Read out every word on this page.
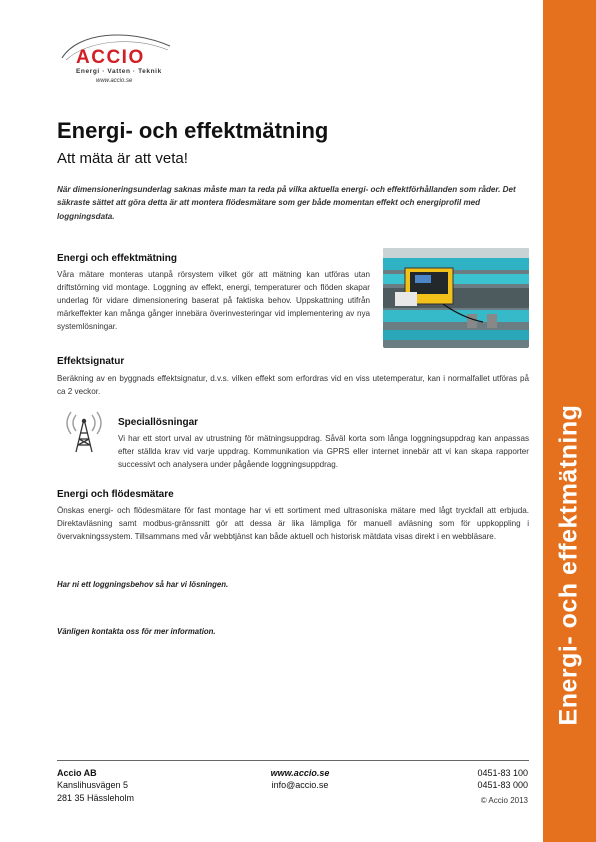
Energi- och effektmätning
ACCIO
Energi · Vatten · Teknik
www.accio.se
Energi- och effektmätning
Att mäta är att veta!
När dimensioneringsunderlag saknas måste man ta reda på vilka aktuella energi- och effektförhållanden som råder. Det säkraste sättet att göra detta är att montera flödesmätare som ger både momentan effekt och energiprofil med loggningsdata.
Energi och effektmätning
Våra mätare monteras utanpå rörsystem vilket gör att mätning kan utföras utan driftstörning vid montage. Loggning av effekt, energi, temperaturer och flöden skapar underlag för vidare dimensionering baserat på faktiska behov. Uppskattning utifrån märkeffekter kan många gånger innebära överinvesteringar vid implementering av nya systemlösningar.
Effektsignatur
Beräkning av en byggnads effektsignatur, d.v.s. vilken effekt som erfordras vid en viss utetemperatur, kan i normalfallet utföras på ca 2 veckor.
Speciallösningar
Vi har ett stort urval av utrustning för mätningsuppdrag. Såväl korta som långa loggningsuppdrag kan anpassas efter ställda krav vid varje uppdrag. Kommunikation via GPRS eller internet innebär att vi kan skapa rapporter successivt och analysera under pågående loggningsuppdrag.
Energi och flödesmätare
Önskas energi- och flödesmätare för fast montage har vi ett sortiment med ultrasoniska mätare med lågt tryckfall att erbjuda. Direktavläsning samt modbus-gränssnitt gör att dessa är lika lämpliga för manuell avläsning som för uppkoppling i övervakningssystem. Tillsammans med vår webbtjänst kan både aktuell och historisk mätdata visas direkt i en webbläsare.
Har ni ett loggningsbehov så har vi lösningen.
Vänligen kontakta oss för mer information.
Accio AB
Kanslihusvägen 5
281 35 Hässleholm
www.accio.se
info@accio.se
0451-83 100
0451-83 000
© Accio 2013
